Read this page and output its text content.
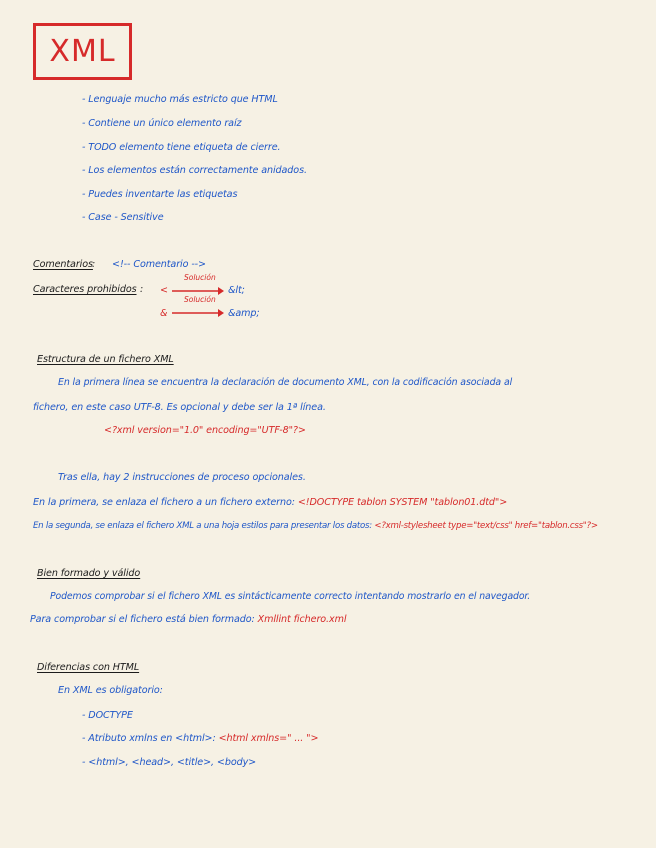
XML
- Lenguaje mucho más estricto que HTML
- Contiene un único elemento raíz
- TODO elemento tiene etiqueta de cierre.
- Los elementos están correctamente anidados.
- Puedes inventarte las etiquetas
- Case - Sensitive
Comentarios : <!-- Comentario -->
Caracteres prohibidos : <
Solución
&lt;
&
Solución
&amp;
Estructura de un fichero XML
En la primera línea se encuentra la declaración de documento XML, con la codificación asociada al
fichero, en este caso UTF-8. Es opcional y debe ser la 1ª línea.
<?xml version="1.0" encoding="UTF-8"?>
Tras ella, hay 2 instrucciones de proceso opcionales.
En la primera, se enlaza el fichero a un fichero externo: <!DOCTYPE tablon SYSTEM "tablon01.dtd">
En la segunda, se enlaza el fichero XML a una hoja estilos para presentar los datos: <?xml-stylesheet type="text/css" href="tablon.css"?>
Bien formado y válido
Podemos comprobar si el fichero XML es sintácticamente correcto intentando mostrarlo en el navegador.
Para comprobar si el fichero está bien formado: Xmllint fichero.xml
Diferencias con HTML
En XML es obligatorio:
- DOCTYPE
- Atributo xmlns en <html>: <html xmlns=" ... ">
- <html>, <head>, <title>, <body>
